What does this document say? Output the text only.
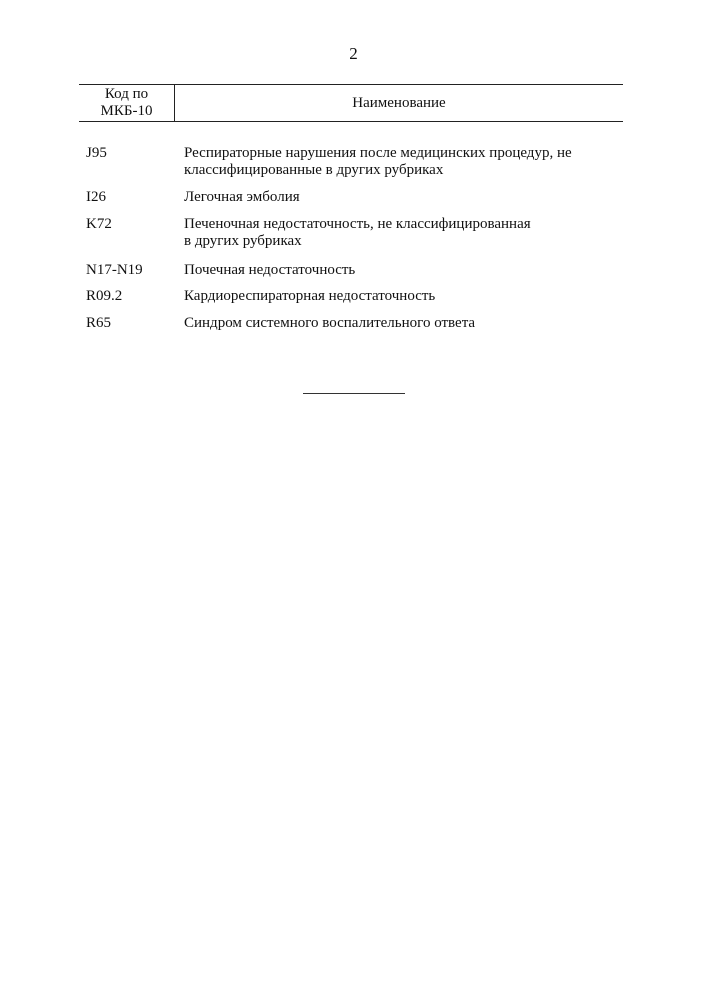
2
Код по
МКБ-10	Наименование
J95	Респираторные нарушения после медицинских процедур, не
классифицированные в других рубриках
I26	Легочная эмболия
K72	Печеночная недостаточность, не классифицированная
в других рубриках
N17-N19	Почечная недостаточность
R09.2	Кардиореспираторная недостаточность
R65	Синдром системного воспалительного ответа
